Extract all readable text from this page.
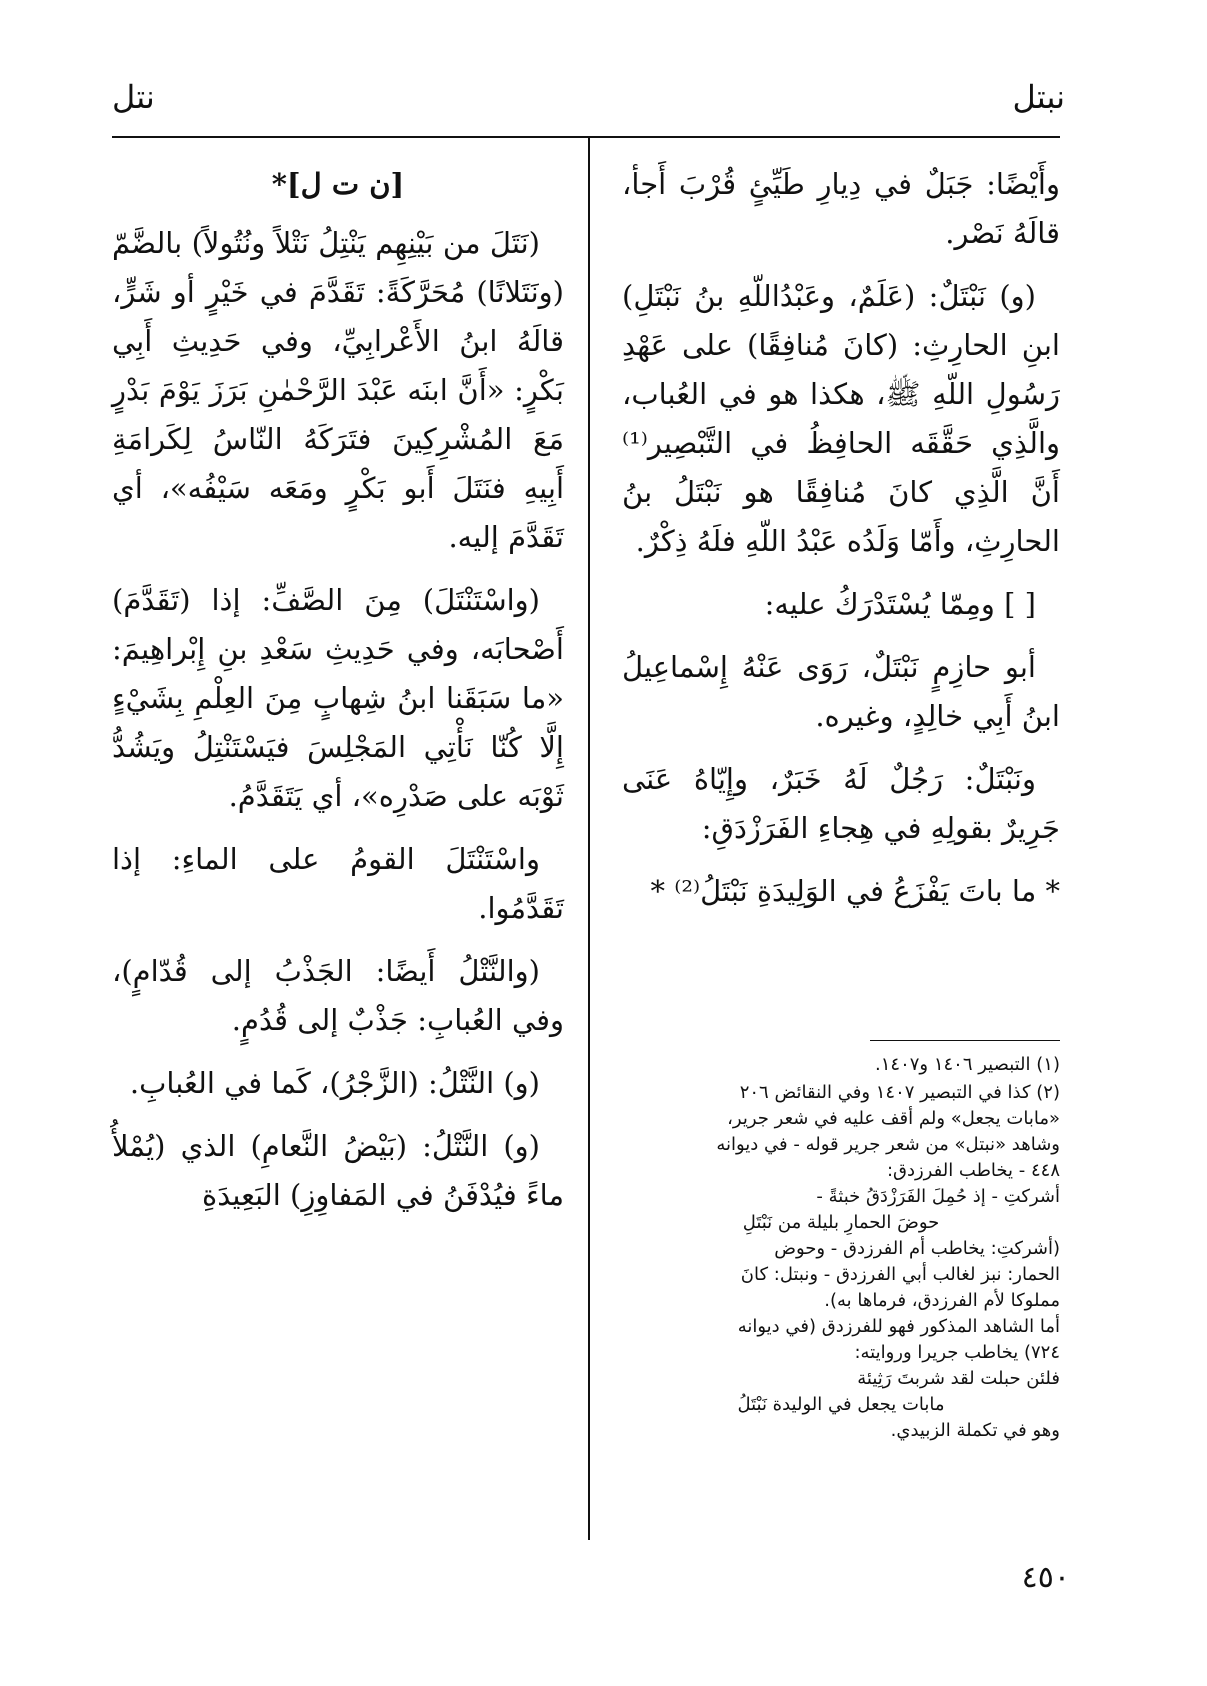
نبتل
نتل

وأَيْضًا: جَبَلٌ في دِيارِ طَيِّئٍ قُرْبَ أَجأ، قالَهُ نَصْر.

(و) نَبْتَلٌ: (عَلَمٌ، وعَبْدُاللّهِ بنُ نَبْتَلِ) ابنِ الحارِثِ: (كانَ مُنافِقًا) على عَهْدِ رَسُولِ اللّهِ ﷺ، هكذا هو في العُباب، والَّذِي حَقَّقَه الحافِظُ في التَّبْصِير⁽¹⁾ أَنَّ الَّذِي كانَ مُنافِقًا هو نَبْتَلُ بنُ الحارِثِ، وأَمّا وَلَدُه عَبْدُ اللّهِ فلَهُ ذِكْرٌ.

[ ] ومِمّا يُسْتَدْرَكُ عليه:

أبو حازِمٍ نَبْتَلٌ، رَوَى عَنْهُ إِسْماعِيلُ ابنُ أَبِي خالِدٍ، وغيره.

ونَبْتَلٌ: رَجُلٌ لَهُ خَبَرٌ، وإِيّاهُ عَنَى جَرِيرٌ بقولِهِ في هِجاءِ الفَرَزْدَقِ:

* ما باتَ يَفْزَعُ في الوَلِيدَةِ نَبْتَلُ⁽²⁾ *

(١) التبصير ١٤٠٦ و١٤٠٧.

(٢) كذا في التبصير ١٤٠٧ وفي النقائض ٢٠٦

«مابات يجعل» ولم أقف عليه في شعر جرير،

وشاهد «نبتل» من شعر جرير قوله - في ديوانه

٤٤٨ - يخاطب الفرزدق:

أشركتِ - إذ حُمِلَ الفَرَزْدَقُ خبثةً -

حوضَ الحمارِ بليلة من نَبْتَلِ

(أشركتِ: يخاطب أم الفرزدق - وحوض

الحمار: نبز لغالب أبي الفرزدق - ونبتل: كانَ

مملوكا لأم الفرزدق، فرماها به).

أما الشاهد المذكور فهو للفرزدق (في ديوانه

٧٢٤) يخاطب جريرا وروايته:

فلئن حبلت لقد شربتَ رَثِيئة

مابات يجعل في الوليدة نَبْتَلُ

وهو في تكملة الزبيدي.

[ن ت ل]*

(نَتَلَ من بَيْنِهِم يَنْتِلُ نَتْلاً ونُتُولاً) بالضَّمّ (ونَتَلانًا) مُحَرَّكَةً: تَقَدَّمَ في خَيْرٍ أو شَرٍّ، قالَهُ ابنُ الأَعْرابِيِّ، وفي حَدِيثِ أَبِي بَكْرٍ: «أَنَّ ابنَه عَبْدَ الرَّحْمٰنِ بَرَزَ يَوْمَ بَدْرٍ مَعَ المُشْرِكِينَ فتَرَكَهُ النّاسُ لِكَرامَةِ أَبِيهِ فنَتَلَ أَبو بَكْرٍ ومَعَه سَيْفُه»، أي تَقَدَّمَ إليه.

(واسْتَنْتَلَ) مِنَ الصَّفِّ: إذا (تَقَدَّمَ) أَصْحابَه، وفي حَدِيثِ سَعْدِ بنِ إِبْراهِيمَ: «ما سَبَقَنا ابنُ شِهابٍ مِنَ العِلْمِ بِشَيْءٍ إِلَّا كُنّا نَأْتِي المَجْلِسَ فيَسْتَنْتِلُ ويَشُدُّ ثَوْبَه على صَدْرِه»، أي يَتَقَدَّمُ.

واسْتَنْتَلَ القومُ على الماءِ: إذا تَقَدَّمُوا.

(والنَّتْلُ أَيضًا: الجَذْبُ إلى قُدّامٍ)، وفي العُبابِ: جَذْبٌ إلى قُدُمٍ.

(و) النَّتْلُ: (الزَّجْرُ)، كَما في العُبابِ.

(و) النَّتْلُ: (بَيْضُ النَّعامِ) الذي (يُمْلأُ ماءً فيُدْفَنُ في المَفاوِزِ) البَعِيدَةِ

٤٥٠
